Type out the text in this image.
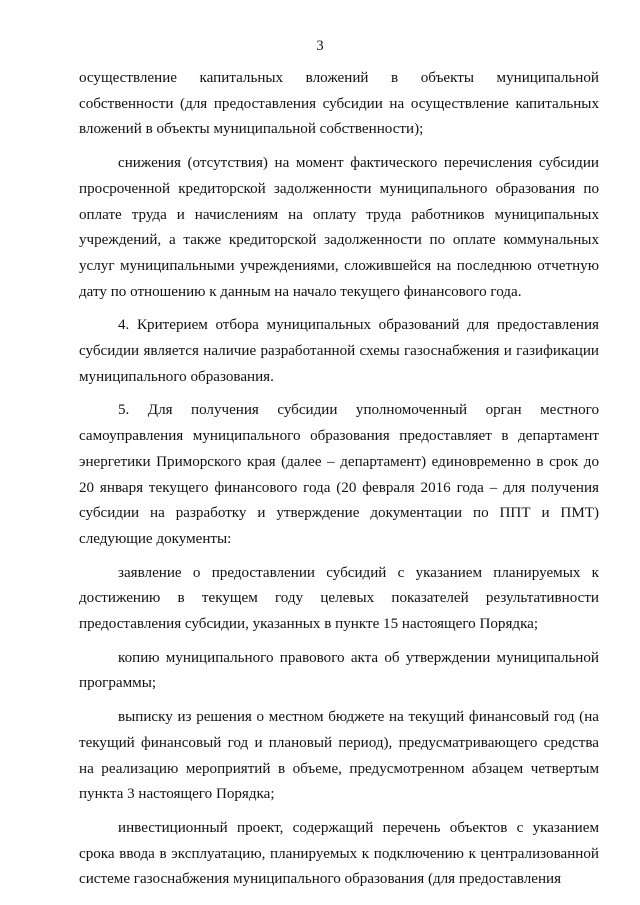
3

осуществление капитальных вложений в объекты муниципальной собственности (для предоставления субсидии на осуществление капитальных вложений в объекты муниципальной собственности);

снижения (отсутствия) на момент фактического перечисления субсидии просроченной кредиторской задолженности муниципального образования по оплате труда и начислениям на оплату труда работников муниципальных учреждений, а также кредиторской задолженности по оплате коммунальных услуг муниципальными учреждениями, сложившейся на последнюю отчетную дату по отношению к данным на начало текущего финансового года.

4. Критерием отбора муниципальных образований для предоставления субсидии является наличие разработанной схемы газоснабжения и газификации муниципального образования.

5. Для получения субсидии уполномоченный орган местного самоуправления муниципального образования предоставляет в департамент энергетики Приморского края (далее – департамент) единовременно в срок до 20 января текущего финансового года (20 февраля 2016 года – для получения субсидии на разработку и утверждение документации по ППТ и ПМТ) следующие документы:

заявление о предоставлении субсидий с указанием планируемых к достижению в текущем году целевых показателей результативности предоставления субсидии, указанных в пункте 15 настоящего Порядка;

копию муниципального правового акта об утверждении муниципальной программы;

выписку из решения о местном бюджете на текущий финансовый год (на текущий финансовый год и плановый период), предусматривающего средства на реализацию мероприятий в объеме, предусмотренном абзацем четвертым пункта 3 настоящего Порядка;

инвестиционный проект, содержащий перечень объектов с указанием срока ввода в эксплуатацию, планируемых к подключению к централизованной системе газоснабжения муниципального образования (для предоставления
